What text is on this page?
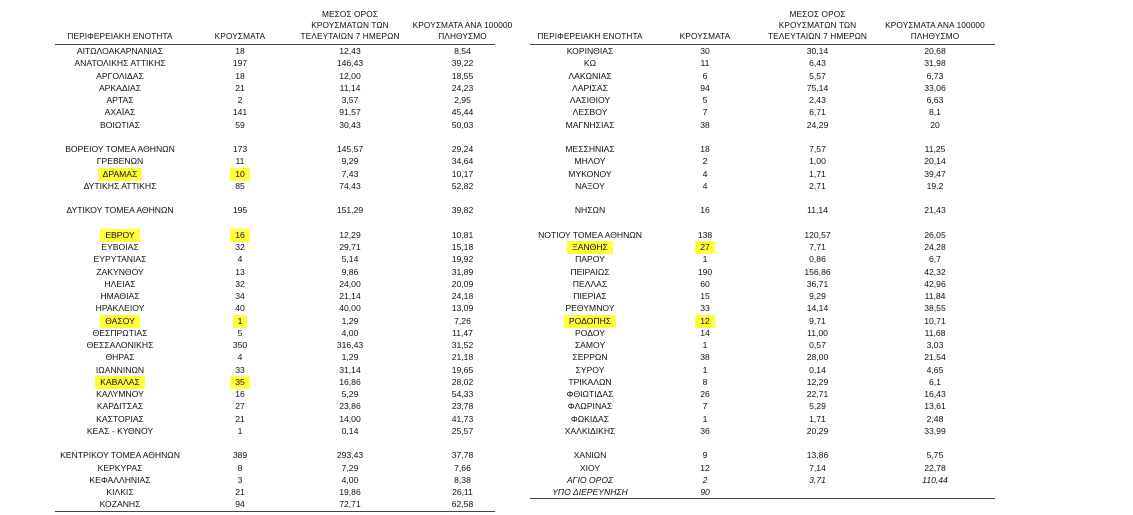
ΠΕΡΙΦΕΡΕΙΑΚΗ ΕΝΟΤΗΤΑ	ΚΡΟΥΣΜΑΤΑ
ΜΕΣΟΣ ΟΡΟΣ
ΚΡΟΥΣΜΑΤΩΝ ΤΩΝ
ΤΕΛΕΥΤΑΙΩΝ 7 ΗΜΕΡΩΝ
ΚΡΟΥΣΜΑΤΑ ΑΝΑ 100000
ΠΛΗΘΥΣΜΟ
ΑΙΤΩΛΟΑΚΑΡΝΑΝΙΑΣ	18	12,43	8,54
ΑΝΑΤΟΛΙΚΗΣ ΑΤΤΙΚΗΣ	197	146,43	39,22
ΑΡΓΟΛΙΔΑΣ	18	12,00	18,55
ΑΡΚΑΔΙΑΣ	21	11,14	24,23
ΑΡΤΑΣ	2	3,57	2,95
ΑΧΑΪΑΣ	141	91,57	45,44
ΒΟΙΩΤΙΑΣ	59	30,43	50,03
ΒΟΡΕΙΟΥ ΤΟΜΕΑ ΑΘΗΝΩΝ	173	145,57	29,24
ΓΡΕΒΕΝΩΝ	11	9,29	34,64
ΔΡΑΜΑΣ	10	7,43	10,17
ΔΥΤΙΚΗΣ ΑΤΤΙΚΗΣ	85	74,43	52,82
ΔΥΤΙΚΟΥ ΤΟΜΕΑ ΑΘΗΝΩΝ	195	151,29	39,82
ΕΒΡΟΥ	16	12,29	10,81
ΕΥΒΟΙΑΣ	32	29,71	15,18
ΕΥΡΥΤΑΝΙΑΣ	4	5,14	19,92
ΖΑΚΥΝΘΟΥ	13	9,86	31,89
ΗΛΕΙΑΣ	32	24,00	20,09
ΗΜΑΘΙΑΣ	34	21,14	24,18
ΗΡΑΚΛΕΙΟΥ	40	40,00	13,09
ΘΑΣΟΥ	1	1,29	7,26
ΘΕΣΠΡΩΤΙΑΣ	5	4,00	11,47
ΘΕΣΣΑΛΟΝΙΚΗΣ	350	316,43	31,52
ΘΗΡΑΣ	4	1,29	21,18
ΙΩΑΝΝΙΝΩΝ	33	31,14	19,65
ΚΑΒΑΛΑΣ	35	16,86	28,02
ΚΑΛΥΜΝΟΥ	16	5,29	54,33
ΚΑΡΔΙΤΣΑΣ	27	23,86	23,78
ΚΑΣΤΟΡΙΑΣ	21	14,00	41,73
ΚΕΑΣ - ΚΥΘΝΟΥ	1	0,14	25,57
ΚΕΝΤΡΙΚΟΥ ΤΟΜΕΑ ΑΘΗΝΩΝ	389	293,43	37,78
ΚΕΡΚΥΡΑΣ	8	7,29	7,66
ΚΕΦΑΛΛΗΝΙΑΣ	3	4,00	8,38
ΚΙΛΚΙΣ	21	19,86	26,11
ΚΟΖΑΝΗΣ	94	72,71	62,58
ΠΕΡΙΦΕΡΕΙΑΚΗ ΕΝΟΤΗΤΑ	ΚΡΟΥΣΜΑΤΑ
ΜΕΣΟΣ ΟΡΟΣ
ΚΡΟΥΣΜΑΤΩΝ ΤΩΝ
ΤΕΛΕΥΤΑΙΩΝ 7 ΗΜΕΡΩΝ
ΚΡΟΥΣΜΑΤΑ ΑΝΑ 100000
ΠΛΗΘΥΣΜΟ
ΚΟΡΙΝΘΙΑΣ	30	30,14	20,68
ΚΩ	11	6,43	31,98
ΛΑΚΩΝΙΑΣ	6	5,57	6,73
ΛΑΡΙΣΑΣ	94	75,14	33,06
ΛΑΣΙΘΙΟΥ	5	2,43	6,63
ΛΕΣΒΟΥ	7	6,71	8,1
ΜΑΓΝΗΣΙΑΣ	38	24,29	20
ΜΕΣΣΗΝΙΑΣ	18	7,57	11,25
ΜΗΛΟΥ	2	1,00	20,14
ΜΥΚΟΝΟΥ	4	1,71	39,47
ΝΑΞΟΥ	4	2,71	19,2
ΝΗΣΩΝ	16	11,14	21,43
ΝΟΤΙΟΥ ΤΟΜΕΑ ΑΘΗΝΩΝ	138	120,57	26,05
ΞΑΝΘΗΣ	27	7,71	24,28
ΠΑΡΟΥ	1	0,86	6,7
ΠΕΙΡΑΙΩΣ	190	156,86	42,32
ΠΕΛΛΑΣ	60	36,71	42,96
ΠΙΕΡΙΑΣ	15	9,29	11,84
ΡΕΘΥΜΝΟΥ	33	14,14	38,55
ΡΟΔΟΠΗΣ	12	9,71	10,71
ΡΟΔΟΥ	14	11,00	11,68
ΣΑΜΟΥ	1	0,57	3,03
ΣΕΡΡΩΝ	38	28,00	21,54
ΣΥΡΟΥ	1	0,14	4,65
ΤΡΙΚΑΛΩΝ	8	12,29	6,1
ΦΘΙΩΤΙΔΑΣ	26	22,71	16,43
ΦΛΩΡΙΝΑΣ	7	5,29	13,61
ΦΩΚΙΔΑΣ	1	1,71	2,48
ΧΑΛΚΙΔΙΚΗΣ	36	20,29	33,99
ΧΑΝΙΩΝ	9	13,86	5,75
ΧΙΟΥ	12	7,14	22,78
ΑΓΙΟ ΟΡΟΣ	2	3,71	110,44
ΥΠΟ ΔΙΕΡΕΥΝΗΣΗ	90
